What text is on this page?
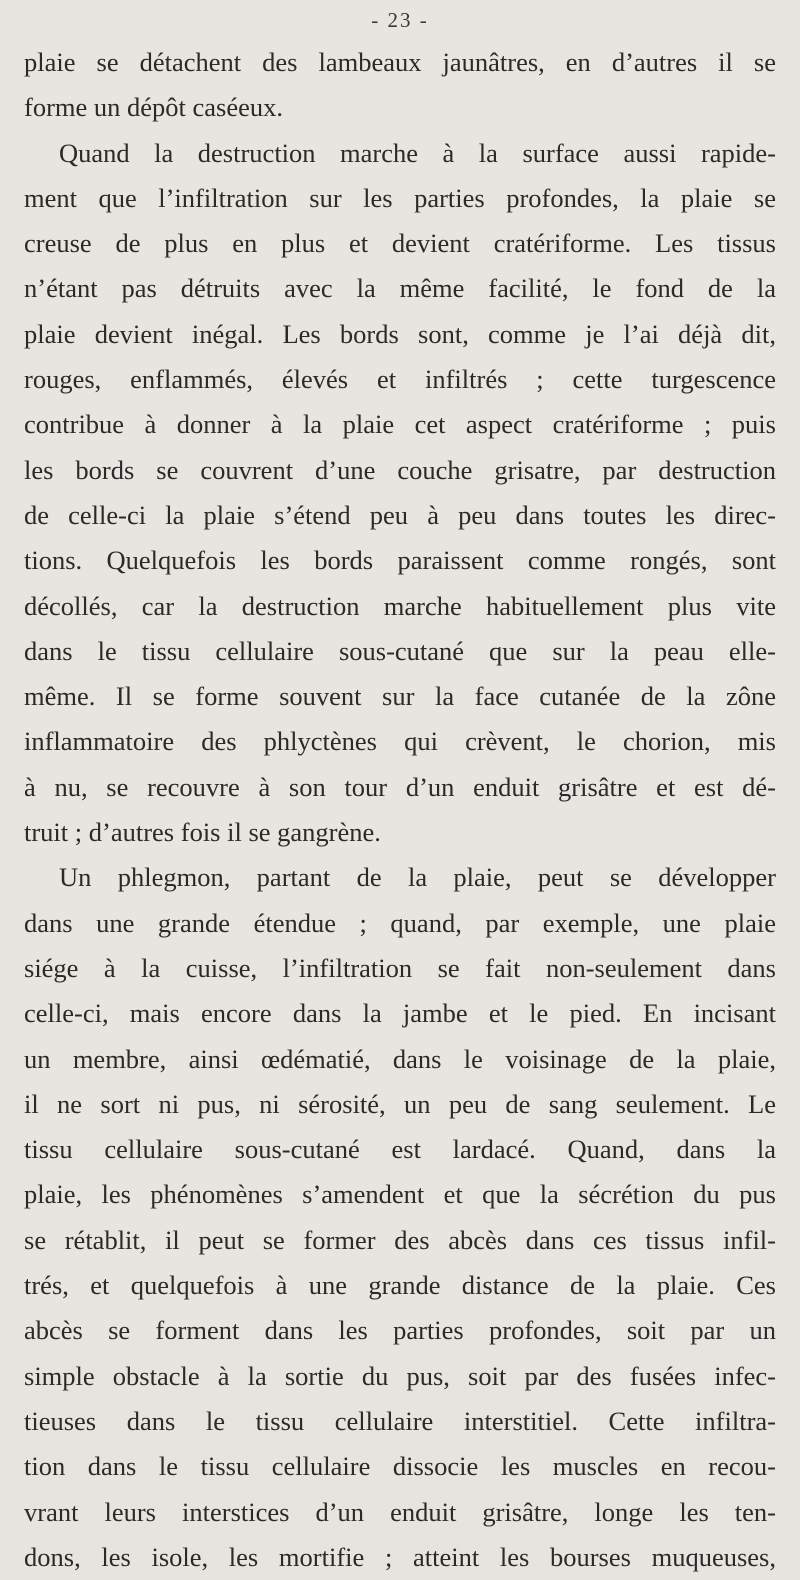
- 23 -
plaie se détachent des lambeaux jaunâtres, en d’autres il se
forme un dépôt caséeux.
Quand la destruction marche à la surface aussi rapide-
ment que l’infiltration sur les parties profondes, la plaie se
creuse de plus en plus et devient cratériforme. Les tissus
n’étant pas détruits avec la même facilité, le fond de la
plaie devient inégal. Les bords sont, comme je l’ai déjà dit,
rouges, enflammés, élevés et infiltrés ; cette turgescence
contribue à donner à la plaie cet aspect cratériforme ; puis
les bords se couvrent d’une couche grisatre, par destruction
de celle-ci la plaie s’étend peu à peu dans toutes les direc-
tions. Quelquefois les bords paraissent comme rongés, sont
décollés, car la destruction marche habituellement plus vite
dans le tissu cellulaire sous-cutané que sur la peau elle-
même. Il se forme souvent sur la face cutanée de la zône
inflammatoire des phlyctènes qui crèvent, le chorion, mis
à nu, se recouvre à son tour d’un enduit grisâtre et est dé-
truit ; d’autres fois il se gangrène.
Un phlegmon, partant de la plaie, peut se développer
dans une grande étendue ; quand, par exemple, une plaie
siége à la cuisse, l’infiltration se fait non-seulement dans
celle-ci, mais encore dans la jambe et le pied. En incisant
un membre, ainsi œdématié, dans le voisinage de la plaie,
il ne sort ni pus, ni sérosité, un peu de sang seulement. Le
tissu cellulaire sous-cutané est lardacé. Quand, dans la
plaie, les phénomènes s’amendent et que la sécrétion du pus
se rétablit, il peut se former des abcès dans ces tissus infil-
trés, et quelquefois à une grande distance de la plaie. Ces
abcès se forment dans les parties profondes, soit par un
simple obstacle à la sortie du pus, soit par des fusées infec-
tieuses dans le tissu cellulaire interstitiel. Cette infiltra-
tion dans le tissu cellulaire dissocie les muscles en recou-
vrant leurs interstices d’un enduit grisâtre, longe les ten-
dons, les isole, les mortifie ; atteint les bourses muqueuses,
